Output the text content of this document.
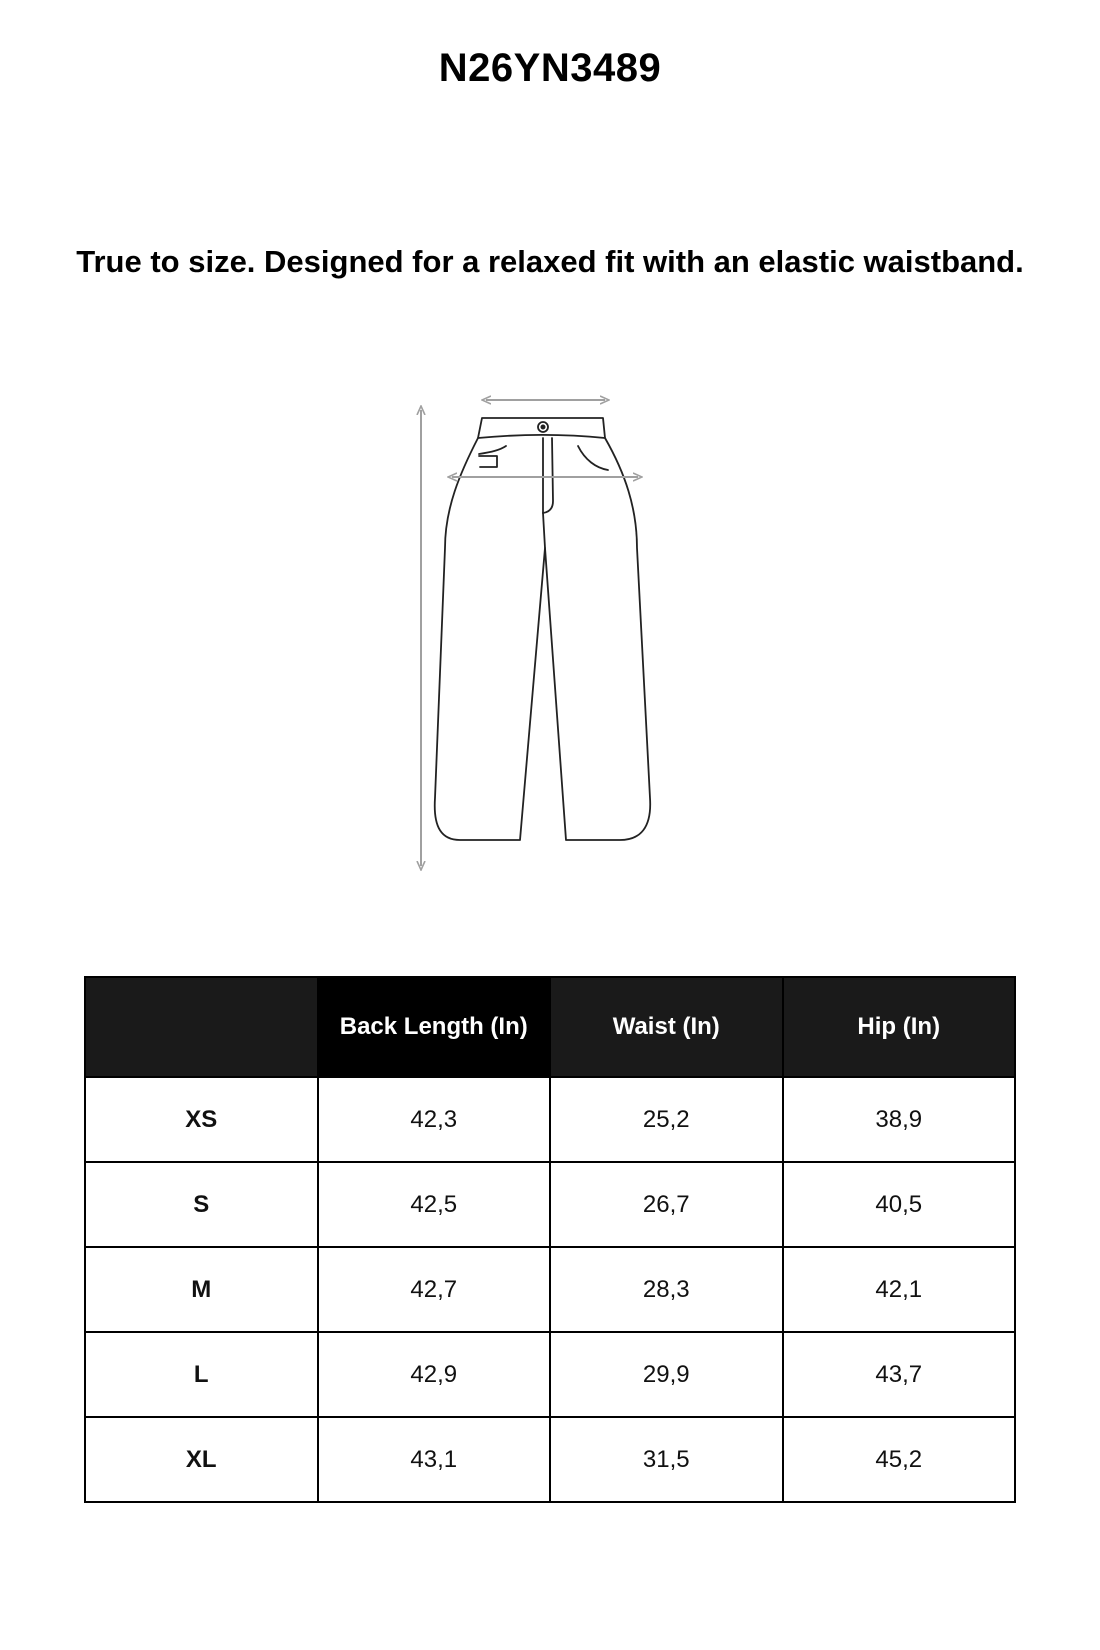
N26YN3489
True to size. Designed for a relaxed fit with an elastic waistband.
	Back Length (In)	Waist (In)	Hip (In)
XS	42,3	25,2	38,9
S	42,5	26,7	40,5
M	42,7	28,3	42,1
L	42,9	29,9	43,7
XL	43,1	31,5	45,2
